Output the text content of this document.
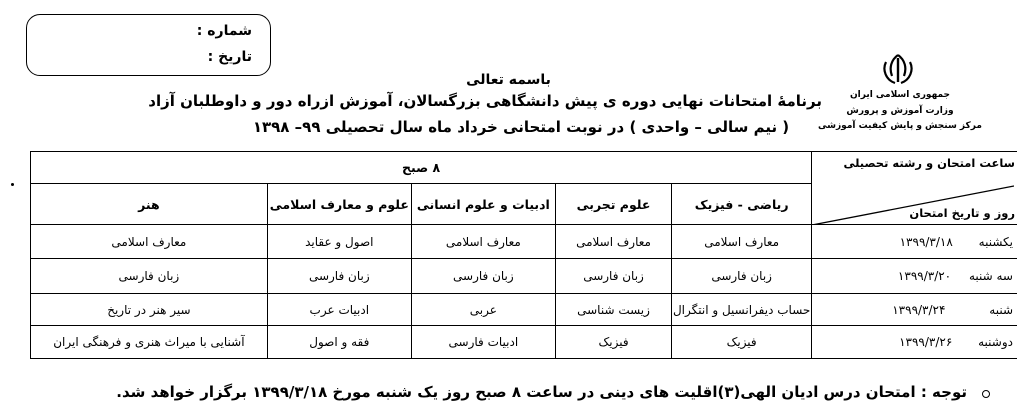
شماره :
تاریخ :
باسمه تعالی
برنامهٔ امتحانات نهایی دوره ی پیش دانشگاهی بزرگسالان، آموزش ازراه دور و داوطلبان آزاد
( نیم سالی – واحدی ) در نوبت امتحانی خرداد ماه سال تحصیلی ۹۹– ۱۳۹۸
جمهوری اسلامی ایران
وزارت آموزش و پرورش
مرکز سنجش و پایش کیفیت آموزشی
ساعت امتحان و رشته تحصیلی
روز و تاریخ امتحان	۸ صبح				
	ریاضی - فیزیک	علوم تجربی	ادبیات و علوم انسانی	علوم و معارف اسلامی	هنر
یکشنبه ۱۳۹۹/۳/۱۸	معارف اسلامی	معارف اسلامی	معارف اسلامی	اصول و عقاید	معارف اسلامی
سه شنبه ۱۳۹۹/۳/۲۰	زبان فارسی	زبان فارسی	زبان فارسی	زبان فارسی	زبان فارسی
شنبه ۱۳۹۹/۳/۲۴	حساب دیفرانسیل و انتگرال	زیست شناسی	عربی	ادبیات عرب	سیر هنر در تاریخ
دوشنبه ۱۳۹۹/۳/۲۶	فیزیک	فیزیک	ادبیات فارسی	فقه و اصول	آشنایی با میراث هنری و فرهنگی ایران
توجه : امتحان درس ادیان الهی(۳)اقلیت های دینی در ساعت ۸ صبح روز یک شنبه مورخ ۱۳۹۹/۳/۱۸ برگزار خواهد شد.
